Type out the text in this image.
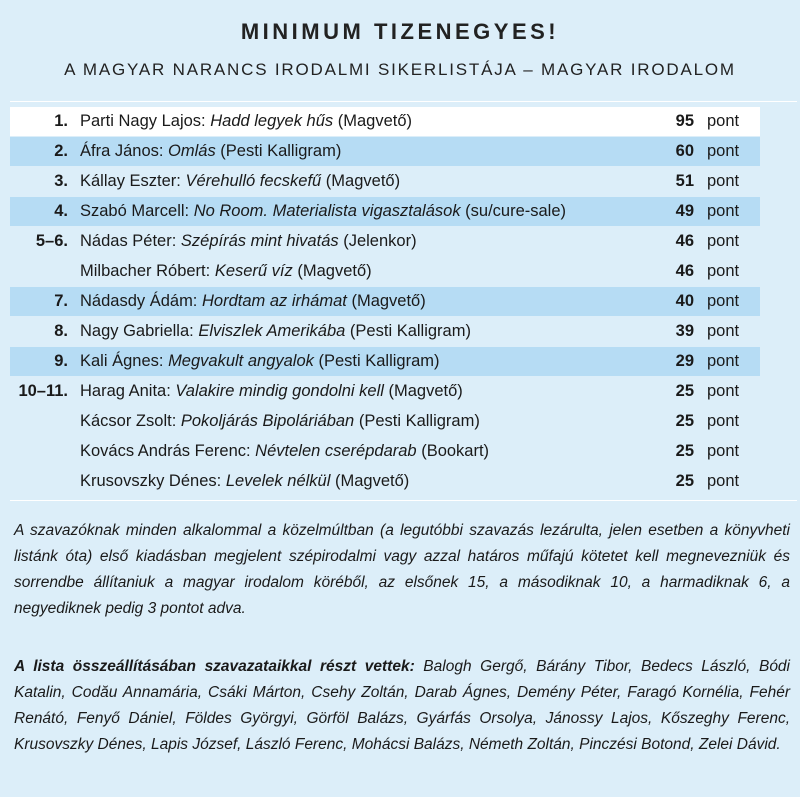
MINIMUM TIZENEGYES!
A MAGYAR NARANCS IRODALMI SIKERLISTÁJA – MAGYAR IRODALOM
1. Parti Nagy Lajos: Hadd legyek hűs (Magvető)	95 pont
2. Áfra János: Omlás (Pesti Kalligram)	60 pont
3. Kállay Eszter: Vérehulló fecskefű (Magvető)	51 pont
4. Szabó Marcell: No Room. Materialista vigasztalások (su/cure-sale)	49 pont
5–6. Nádas Péter: Szépírás mint hivatás (Jelenkor)	46 pont
Milbacher Róbert: Keserű víz (Magvető)	46 pont
7. Nádasdy Ádám: Hordtam az irhámat (Magvető)	40 pont
8. Nagy Gabriella: Elviszlek Amerikába (Pesti Kalligram)	39 pont
9. Kali Ágnes: Megvakult angyalok (Pesti Kalligram)	29 pont
10–11. Harag Anita: Valakire mindig gondolni kell (Magvető)	25 pont
Kácsor Zsolt: Pokoljárás Bipoláriában (Pesti Kalligram)	25 pont
Kovács András Ferenc: Névtelen cserépdarab (Bookart)	25 pont
Krusovszky Dénes: Levelek nélkül (Magvető)	25 pont
A szavazóknak minden alkalommal a közelmúltban (a legutóbbi szavazás lezárulta, jelen esetben a könyvheti listánk óta) első kiadásban megjelent szépirodalmi vagy azzal határos műfajú kötetet kell megnevezniük és sorrendbe állítaniuk a magyar irodalom köréből, az elsőnek 15, a másodiknak 10, a harmadiknak 6, a negyediknek pedig 3 pontot adva.
A lista összeállításában szavazataikkal részt vettek: Balogh Gergő, Bárány Tibor, Bedecs László, Bódi Katalin, Codău Annamária, Csáki Márton, Csehy Zoltán, Darab Ágnes, Demény Péter, Faragó Kornélia, Fehér Renátó, Fenyő Dániel, Földes Györgyi, Görföl Balázs, Gyárfás Orsolya, Jánossy Lajos, Kőszeghy Ferenc, Krusovszky Dénes, Lapis József, László Ferenc, Mohácsi Balázs, Németh Zoltán, Pinczési Botond, Zelei Dávid.
